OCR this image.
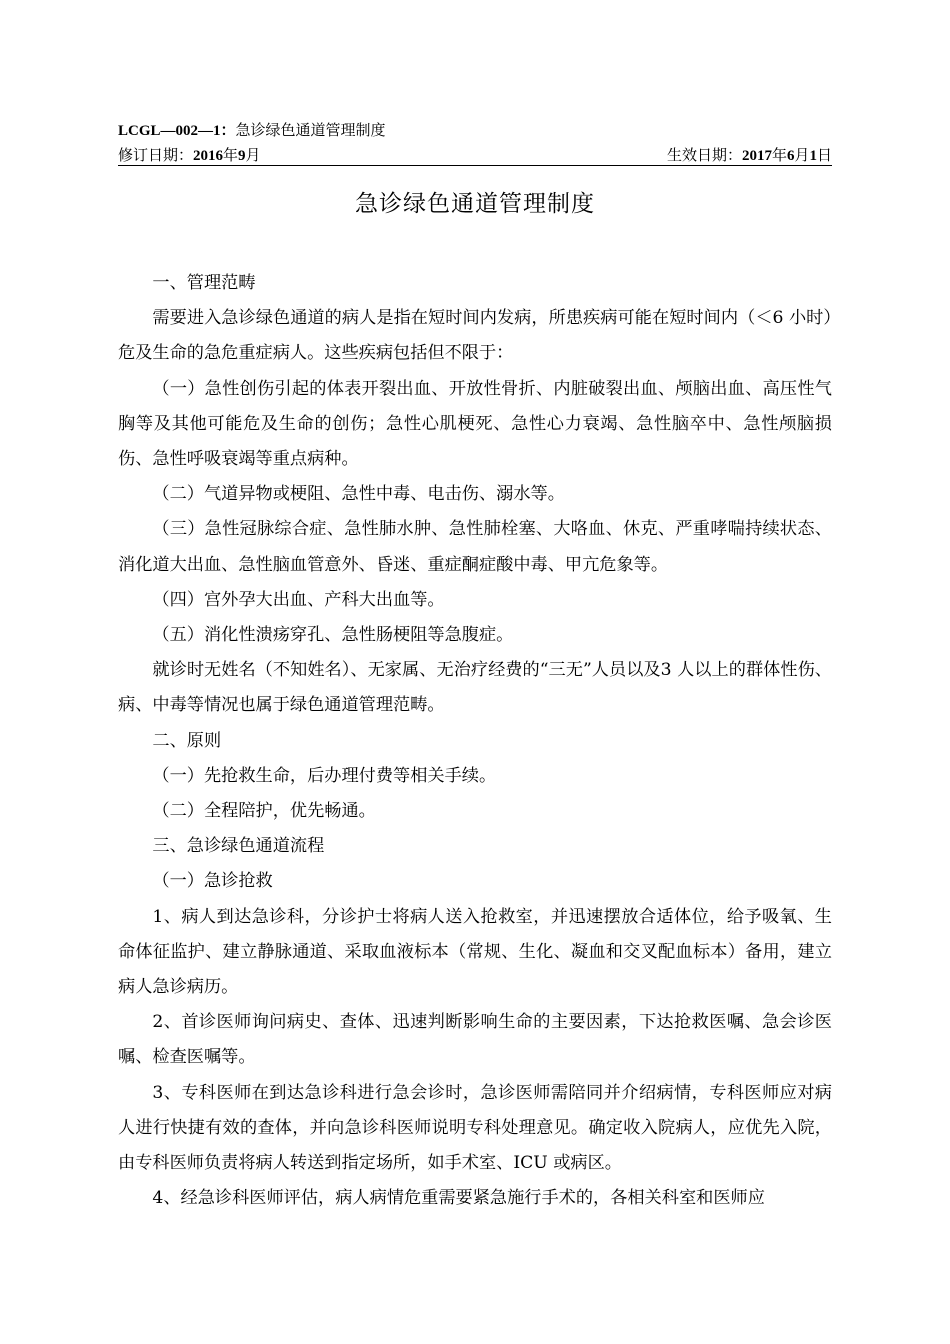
LCGL—002—1：急诊绿色通道管理制度
修订日期：2016年9月	生效日期：2017年6月1日
急诊绿色通道管理制度

一、管理范畴

需要进入急诊绿色通道的病人是指在短时间内发病，所患疾病可能在短时间内（＜6 小时）危及生命的急危重症病人。这些疾病包括但不限于：

（一）急性创伤引起的体表开裂出血、开放性骨折、内脏破裂出血、颅脑出血、高压性气胸等及其他可能危及生命的创伤；急性心肌梗死、急性心力衰竭、急性脑卒中、急性颅脑损伤、急性呼吸衰竭等重点病种。

（二）气道异物或梗阻、急性中毒、电击伤、溺水等。

（三）急性冠脉综合症、急性肺水肿、急性肺栓塞、大咯血、休克、严重哮喘持续状态、消化道大出血、急性脑血管意外、昏迷、重症酮症酸中毒、甲亢危象等。

（四）宫外孕大出血、产科大出血等。

（五）消化性溃疡穿孔、急性肠梗阻等急腹症。

就诊时无姓名（不知姓名）、无家属、无治疗经费的“三无”人员以及3 人以上的群体性伤、病、中毒等情况也属于绿色通道管理范畴。

二、原则

（一）先抢救生命，后办理付费等相关手续。

（二）全程陪护，优先畅通。

三、急诊绿色通道流程

（一）急诊抢救

1、病人到达急诊科，分诊护士将病人送入抢救室，并迅速摆放合适体位，给予吸氧、生命体征监护、建立静脉通道、采取血液标本（常规、生化、凝血和交叉配血标本）备用，建立病人急诊病历。

2、首诊医师询问病史、查体、迅速判断影响生命的主要因素，下达抢救医嘱、急会诊医嘱、检查医嘱等。

3、专科医师在到达急诊科进行急会诊时，急诊医师需陪同并介绍病情，专科医师应对病人进行快捷有效的查体，并向急诊科医师说明专科处理意见。确定收入院病人，应优先入院，由专科医师负责将病人转送到指定场所，如手术室、ICU 或病区。

4、经急诊科医师评估，病人病情危重需要紧急施行手术的，各相关科室和医师应
